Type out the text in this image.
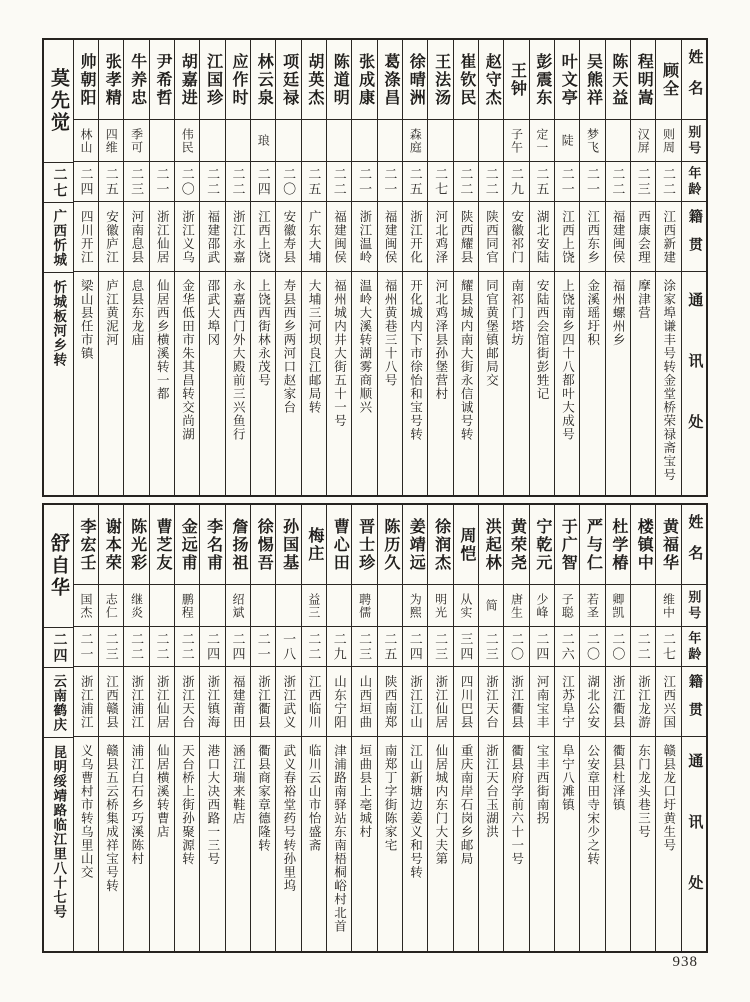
姓名
别号
年龄
籍贯
通讯处
顾全
则周
二二
江西新建
涂家埠谦丰号转金堂桥荣禄斋宝号
程明嵩
汉屏
二三
西康会理
摩津营
陈天益
二二
福建闽侯
福州螺州乡
吴熊祥
梦飞
二一
江西东乡
金溪瑶圩积
叶文亭
陡
二一
江西上饶
上饶南乡四十八都叶大成号
彭震东
定一
二五
湖北安陆
安陆西会馆街彭甡记
王钟
子午
二九
安徽祁门
南祁门塔坊
赵守杰
二二
陕西同官
同官黄堡镇邮局交
崔钦民
二二
陕西耀县
耀县城内南大街永信诚号转
王法汤
二七
河北鸡泽
河北鸡泽县孙堡营村
徐晴洲
森庭
二五
浙江开化
开化城内下市徐怡和宝号转
葛涤昌
二一
福建闽侯
福州黄巷三十八号
张成康
二一
浙江温岭
温岭大溪转湖雾商顺兴
陈道明
二二
福建闽侯
福州城内井大街五十一号
胡英杰
二五
广东大埔
大埔三河坝良江邮局转
项廷禄
二〇
安徽寿县
寿县西乡两河口赵家台
林云泉
琅
二四
江西上饶
上饶西街林永茂号
应作时
二二
浙江永嘉
永嘉西门外大殿前三兴鱼行
江国珍
二二
福建邵武
邵武大埠冈
胡嘉进
伟民
二〇
浙江义乌
金华低田市朱其昌转交尚湖
尹希哲
二一
浙江仙居
仙居西乡横溪转一都
牛养忠
季可
二三
河南息县
息县东龙庙
张孝精
四维
二五
安徽庐江
庐江黄泥河
帅朝阳
林山
二四
四川开江
梁山县任市镇
莫先觉
二七
广西忻城
忻城板河乡转
姓名
别号
年龄
籍贯
通讯处
黄福华
维中
二七
江西兴国
赣县龙口圩黄生号
楼镇中
二二
浙江龙游
东门龙头巷三号
杜学椿
卿凯
二〇
浙江衢县
衢县杜泽镇
严与仁
若圣
二〇
湖北公安
公安章田寺宋少之转
于广智
子聪
二六
江苏阜宁
阜宁八滩镇
宁乾元
少峰
二四
河南宝丰
宝丰西街南拐
黄荣尧
唐生
二〇
浙江衢县
衢县府学前六十一号
洪起林
简
二三
浙江天台
浙江天台玉湖洪
周恺
从实
三四
四川巴县
重庆南岸石岗乡邮局
徐润杰
明光
二三
浙江仙居
仙居城内东门大夫第
姜靖远
为熙
二四
浙江江山
江山新塘边姜义和号转
陈历久
二五
陕西南郑
南郑丁字街陈家宅
晋士珍
聘儒
二三
山西垣曲
垣曲县上亳城村
曹心田
二九
山东宁阳
津浦路南驿站东南梧桐峪村北首
梅庄
益三
二二
江西临川
临川云山市怡盛斋
孙国基
一八
浙江武义
武义春裕堂药号转孙里坞
徐惕吾
二一
浙江衢县
衢县商家章德隆转
詹扬祖
绍斌
二四
福建莆田
涵江瑞来鞋店
李名甫
二四
浙江镇海
港口大决西路一三号
金远甫
鹏程
二二
浙江天台
天台桥上街孙聚源转
曹芝友
二二
浙江仙居
仙居横溪转曹店
陈光彩
继炎
二二
浙江浦江
浦江白石乡巧溪陈村
谢本荣
志仁
二三
江西赣县
赣县五云桥集成祥宝号转
李宏壬
国杰
二一
浙江浦江
义乌曹村市转乌里山交
舒自华
二四
云南鹤庆
昆明绥靖路临江里八十七号
938
